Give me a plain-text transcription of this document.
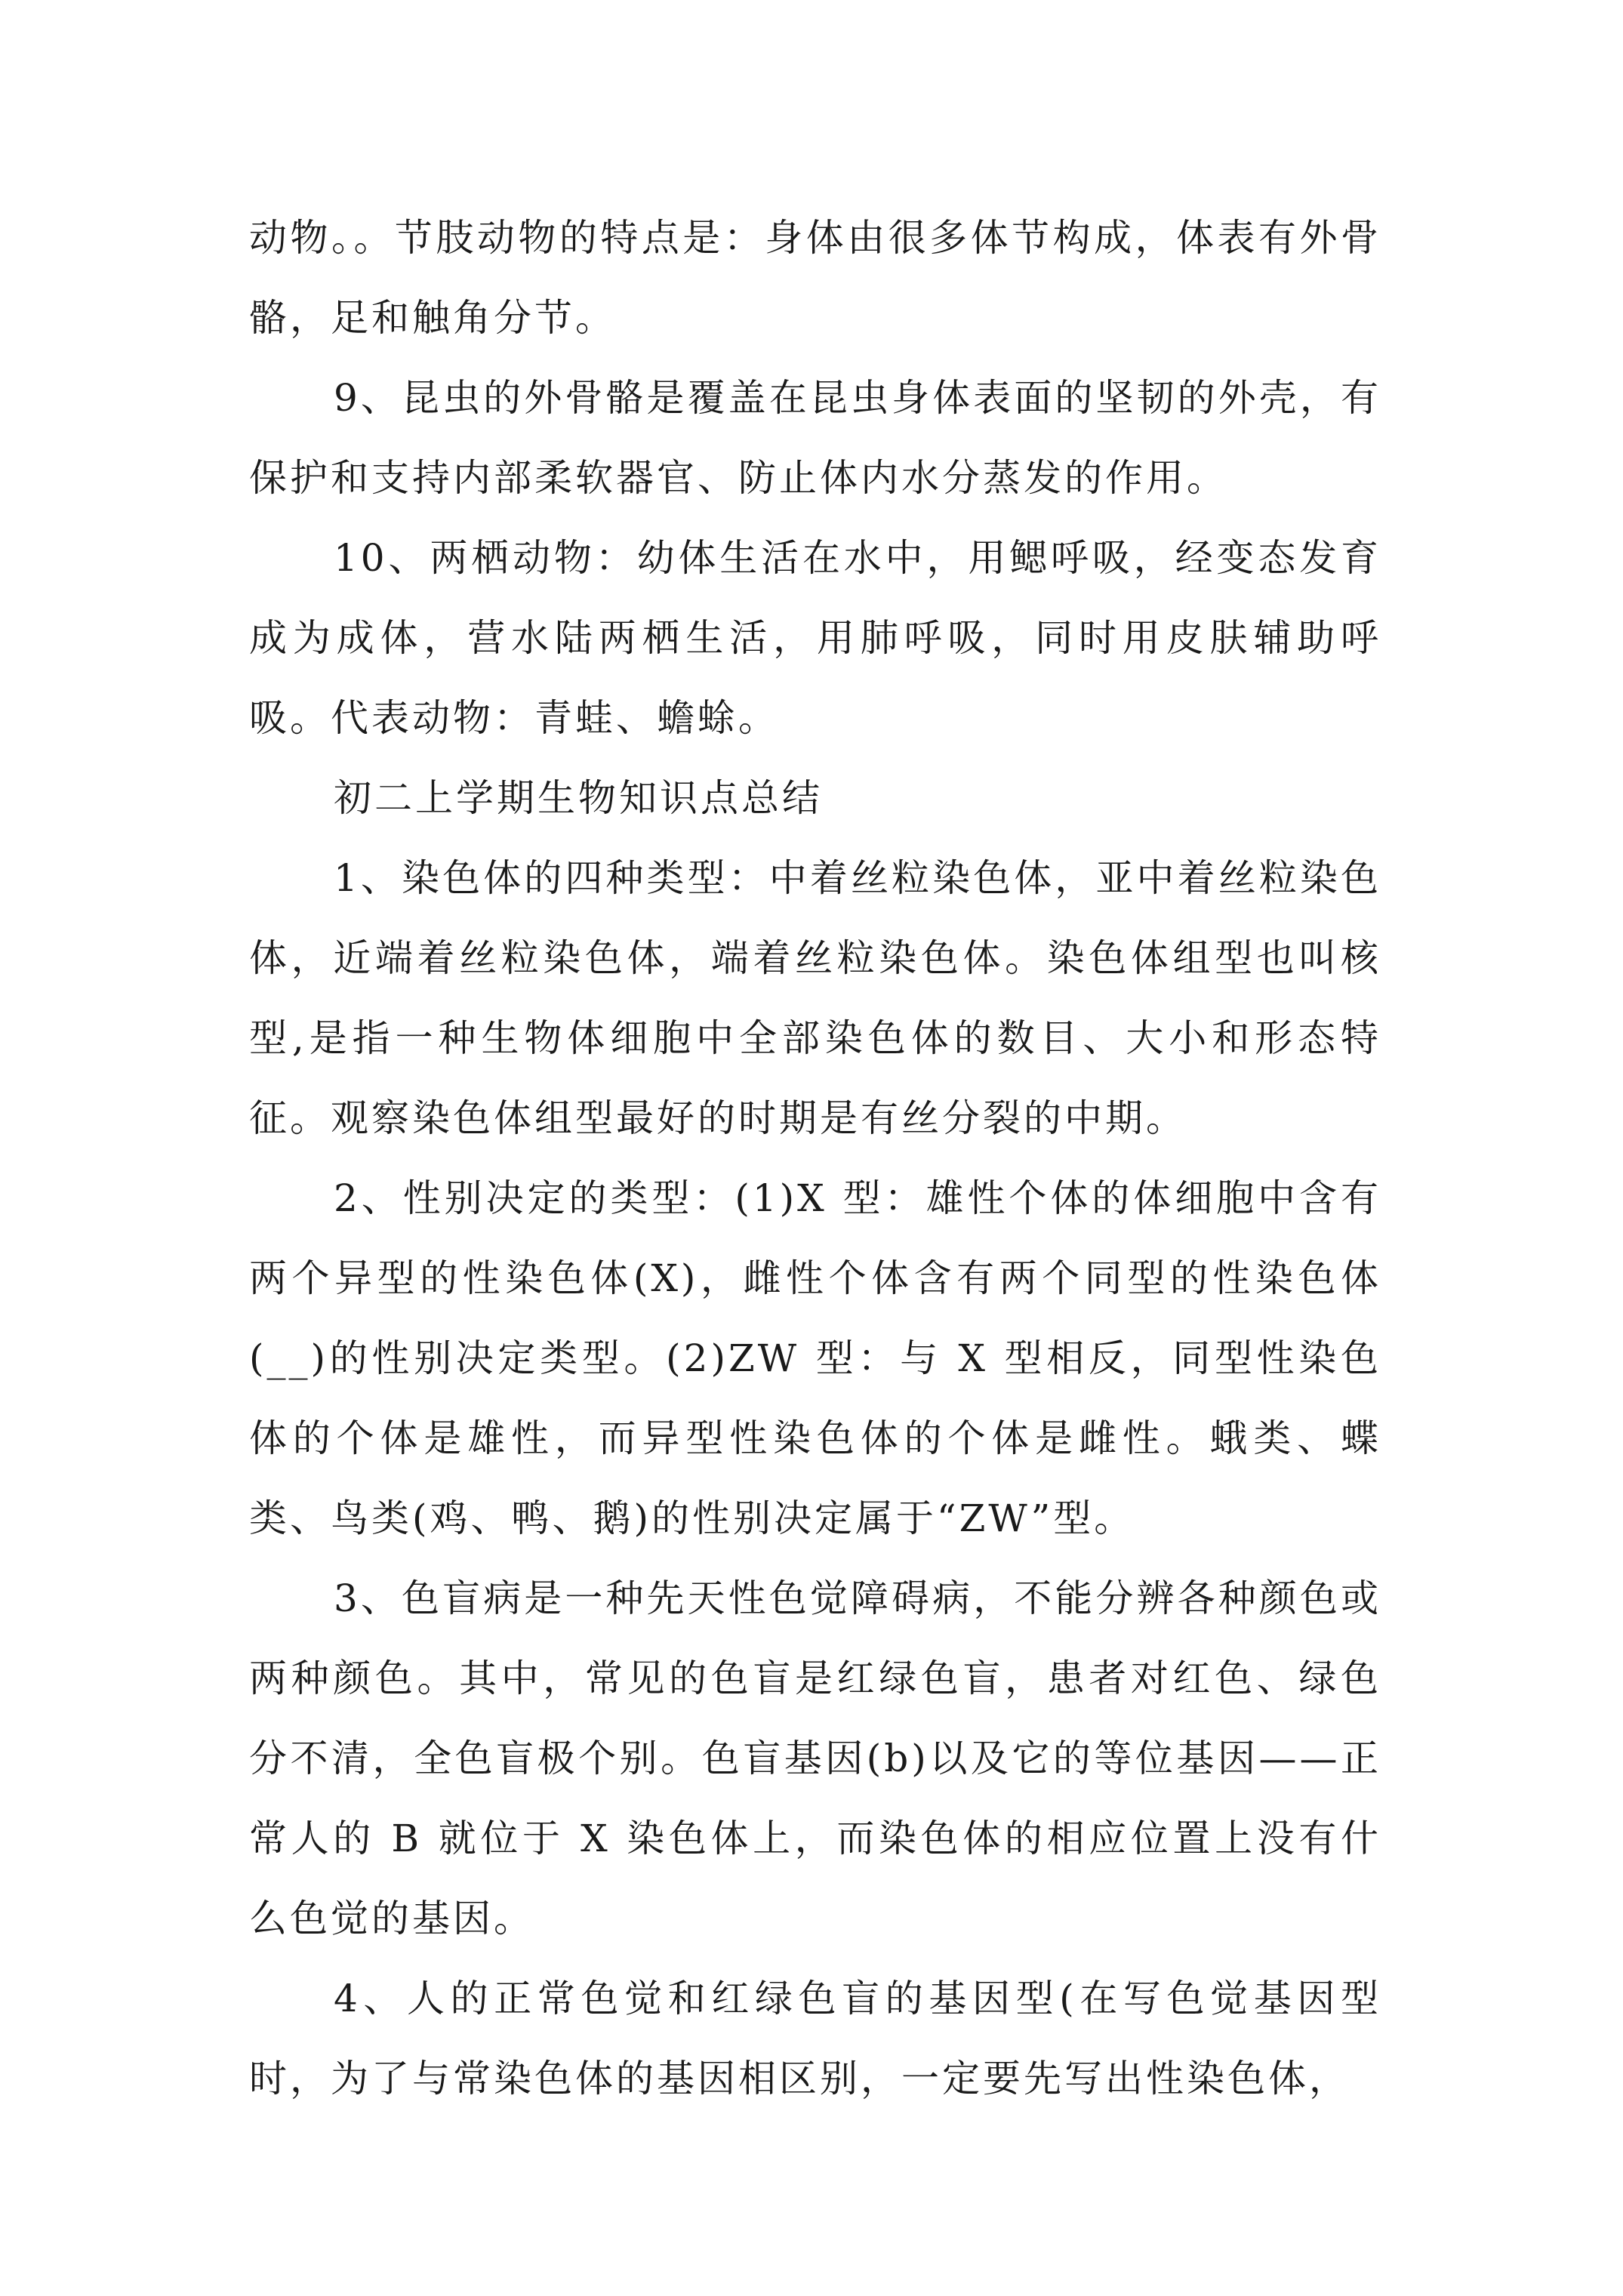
动物。。节肢动物的特点是：身体由很多体节构成，体表有外骨骼，足和触角分节。

9、昆虫的外骨骼是覆盖在昆虫身体表面的坚韧的外壳，有保护和支持内部柔软器官、防止体内水分蒸发的作用。

10、两栖动物：幼体生活在水中，用鳃呼吸，经变态发育成为成体，营水陆两栖生活，用肺呼吸，同时用皮肤辅助呼吸。代表动物：青蛙、蟾蜍。

初二上学期生物知识点总结

1、染色体的四种类型：中着丝粒染色体，亚中着丝粒染色体，近端着丝粒染色体，端着丝粒染色体。染色体组型也叫核型,是指一种生物体细胞中全部染色体的数目、大小和形态特征。观察染色体组型最好的时期是有丝分裂的中期。

2、性别决定的类型：(1)X 型：雄性个体的体细胞中含有两个异型的性染色体(X)，雌性个体含有两个同型的性染色体(__)的性别决定类型。(2)ZW 型：与 X 型相反，同型性染色体的个体是雄性，而异型性染色体的个体是雌性。蛾类、蝶类、鸟类(鸡、鸭、鹅)的性别决定属于“ZW”型。

3、色盲病是一种先天性色觉障碍病，不能分辨各种颜色或两种颜色。其中，常见的色盲是红绿色盲，患者对红色、绿色分不清，全色盲极个别。色盲基因(b)以及它的等位基因——正常人的 B 就位于 X 染色体上，而染色体的相应位置上没有什么色觉的基因。

4、人的正常色觉和红绿色盲的基因型(在写色觉基因型时，为了与常染色体的基因相区别，一定要先写出性染色体，
